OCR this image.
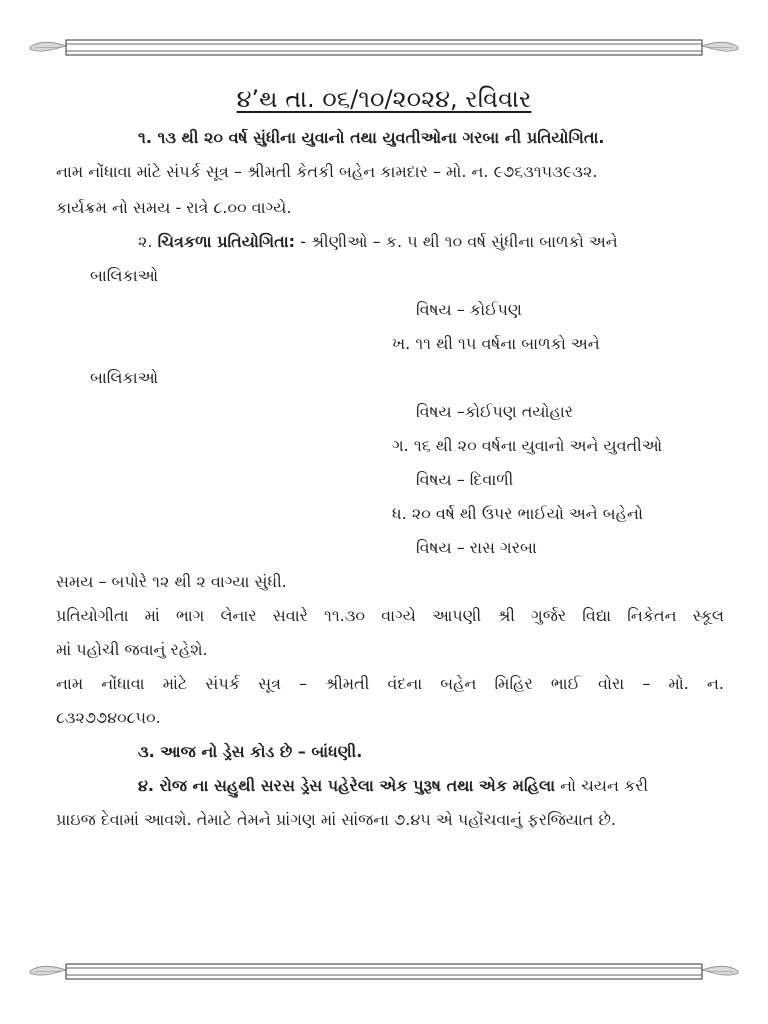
૪’થ તા. ૦૬/૧૦/૨૦૨૪, રવિવાર
૧. ૧૩ થી ૨૦ વર્ષ સુંધીના યુવાનો તથા યુવતીઓના ગરબા ની પ્રતિયોગિતા.
નામ નોંધાવા માંટે સંપર્ક સૂત્ર – શ્રીમતી કેતકી બહેન કામદાર – મો. ન. ૯૭૬૩૧૫૩૯૩૨.
કાર્યક્રમ નો સમય - રાત્રે ૮.૦૦ વાગ્યે.
૨. ચિત્રકળા પ્રતિયોગિતા: - શ્રીણીઓ – ક. ૫ થી ૧૦ વર્ષ સુંધીના બાળકો અને
બાલિકાઓ
વિષય – કોઈપણ
ખ. ૧૧ થી ૧૫ વર્ષના બાળકો અને
બાલિકાઓ
વિષય –કોઈપણ તયોહાર
ગ. ૧૬ થી ૨૦ વર્ષના યુવાનો અને યુવતીઓ
વિષય – દિવાળી
ધ. ૨૦ વર્ષ થી ઉપર ભાઈયો અને બહેનો
વિષય – રાસ ગરબા
સમય – બપોરે ૧૨ થી ૨ વાગ્યા સુંધી.
પ્રતિયોગીતા માં ભાગ લેનાર સવારે ૧૧.૩૦ વાગ્યે આપણી શ્રી ગુર્જર વિદ્યા નિકેતન સ્કૂલ
માં પહોચી જવાનું રહેશે.
નામ નોંધાવા માંટે સંપર્ક સૂત્ર – શ્રીમતી વંદના બહેન મિહિર ભાઈ વોરા – મો. ન.
૮૩૨૭૭૪૦૮૫૦.
૩. આજ નો ડ્રેસ કોડ છે – બાંધણી.
૪. રોજ ના સહુથી સરસ ડ્રેસ પહેરેલા એક પુરૂષ તથા એક મહિલા નો ચયન કરી
પ્રાઇજ દેવામાં આવશે. તેમાટે તેમને પ્રાંગણ માં સાંજના ૭.૪૫ એ પહોંચવાનું ફરજિયાત છે.
